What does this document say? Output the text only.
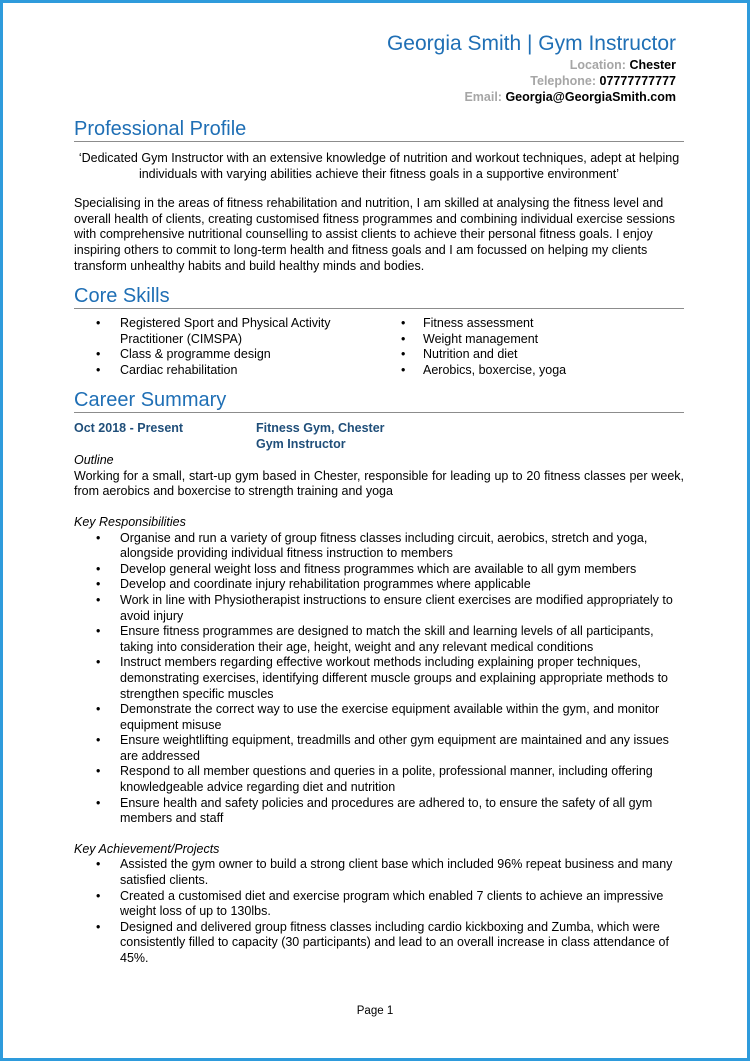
Georgia Smith | Gym Instructor
Location: Chester
Telephone: 07777777777
Email: Georgia@GeorgiaSmith.com
Professional Profile
‘Dedicated Gym Instructor with an extensive knowledge of nutrition and workout techniques, adept at helping individuals with varying abilities achieve their fitness goals in a supportive environment’
Specialising in the areas of fitness rehabilitation and nutrition, I am skilled at analysing the fitness level and overall health of clients, creating customised fitness programmes and combining individual exercise sessions with comprehensive nutritional counselling to assist clients to achieve their personal fitness goals. I enjoy inspiring others to commit to long-term health and fitness goals and I am focussed on helping my clients transform unhealthy habits and build healthy minds and bodies.
Core Skills
• Registered Sport and Physical Activity Practitioner (CIMSPA)
• Class & programme design
• Cardiac rehabilitation
• Fitness assessment
• Weight management
• Nutrition and diet
• Aerobics, boxercise, yoga
Career Summary
Oct 2018 - Present	Fitness Gym, Chester
Gym Instructor
Outline
Working for a small, start-up gym based in Chester, responsible for leading up to 20 fitness classes per week, from aerobics and boxercise to strength training and yoga
Key Responsibilities
• Organise and run a variety of group fitness classes including circuit, aerobics, stretch and yoga, alongside providing individual fitness instruction to members
• Develop general weight loss and fitness programmes which are available to all gym members
• Develop and coordinate injury rehabilitation programmes where applicable
• Work in line with Physiotherapist instructions to ensure client exercises are modified appropriately to avoid injury
• Ensure fitness programmes are designed to match the skill and learning levels of all participants, taking into consideration their age, height, weight and any relevant medical conditions
• Instruct members regarding effective workout methods including explaining proper techniques, demonstrating exercises, identifying different muscle groups and explaining appropriate methods to strengthen specific muscles
• Demonstrate the correct way to use the exercise equipment available within the gym, and monitor equipment misuse
• Ensure weightlifting equipment, treadmills and other gym equipment are maintained and any issues are addressed
• Respond to all member questions and queries in a polite, professional manner, including offering knowledgeable advice regarding diet and nutrition
• Ensure health and safety policies and procedures are adhered to, to ensure the safety of all gym members and staff
Key Achievement/Projects
• Assisted the gym owner to build a strong client base which included 96% repeat business and many satisfied clients.
• Created a customised diet and exercise program which enabled 7 clients to achieve an impressive weight loss of up to 130lbs.
• Designed and delivered group fitness classes including cardio kickboxing and Zumba, which were consistently filled to capacity (30 participants) and lead to an overall increase in class attendance of 45%.
Page 1
